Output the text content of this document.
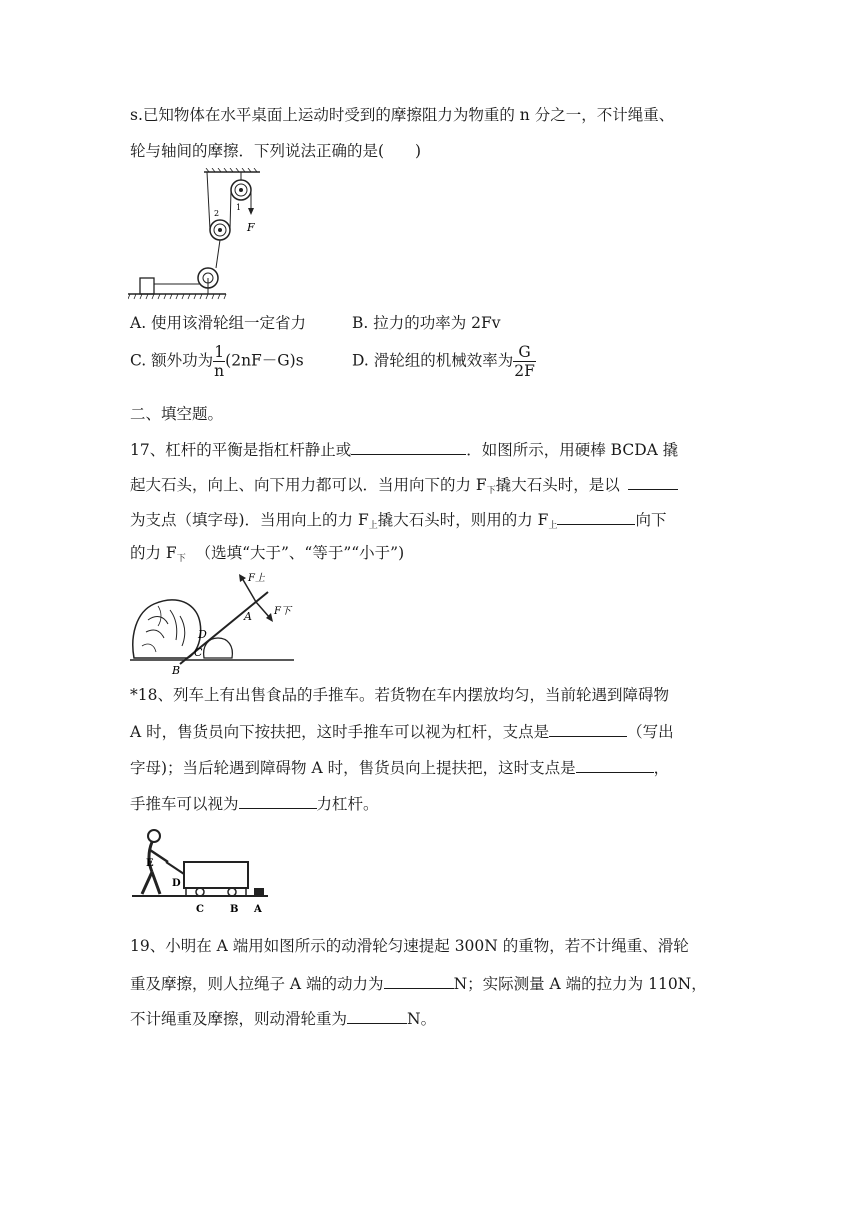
s.已知物体在水平桌面上运动时受到的摩擦阻力为物重的 n 分之一，不计绳重、
轮与轴间的摩擦．下列说法正确的是(　　)
F
2
1
A. 使用该滑轮组一定省力	B. 拉力的功率为 2Fv
C. 额外功为 $\frac{1}{n} (2nF-G)s$	D. 滑轮组的机械效率为 $\frac{G}{2F}$
二、填空题。
17、杠杆的平衡是指杠杆静止或	．如图所示，用硬棒 BCDA 撬
起大石头，向上、向下用力都可以．当用向下的力 $F_下$撬大石头时，是以
为支点（填字母)．当用向上的力 $F_上$撬大石头时，则用的力 $F_上$	向下
的力 $F_下$ （选填“大于”、“等于”“小于”)
F上
F下
A
D
C
B
*18、列车上有出售食品的手推车。若货物在车内摆放均匀，当前轮遇到障碍物
A 时，售货员向下按扶把，这时手推车可以视为杠杆，支点是	（写出
字母)；当后轮遇到障碍物 A 时，售货员向上提扶把，这时支点是	，
手推车可以视为	力杠杆。
E
D
C	B A
19、小明在 A 端用如图所示的动滑轮匀速提起 300N 的重物，若不计绳重、滑轮
重及摩擦，则人拉绳子 A 端的动力为	N；实际测量 A 端的拉力为 110N，
不计绳重及摩擦，则动滑轮重为	N。
